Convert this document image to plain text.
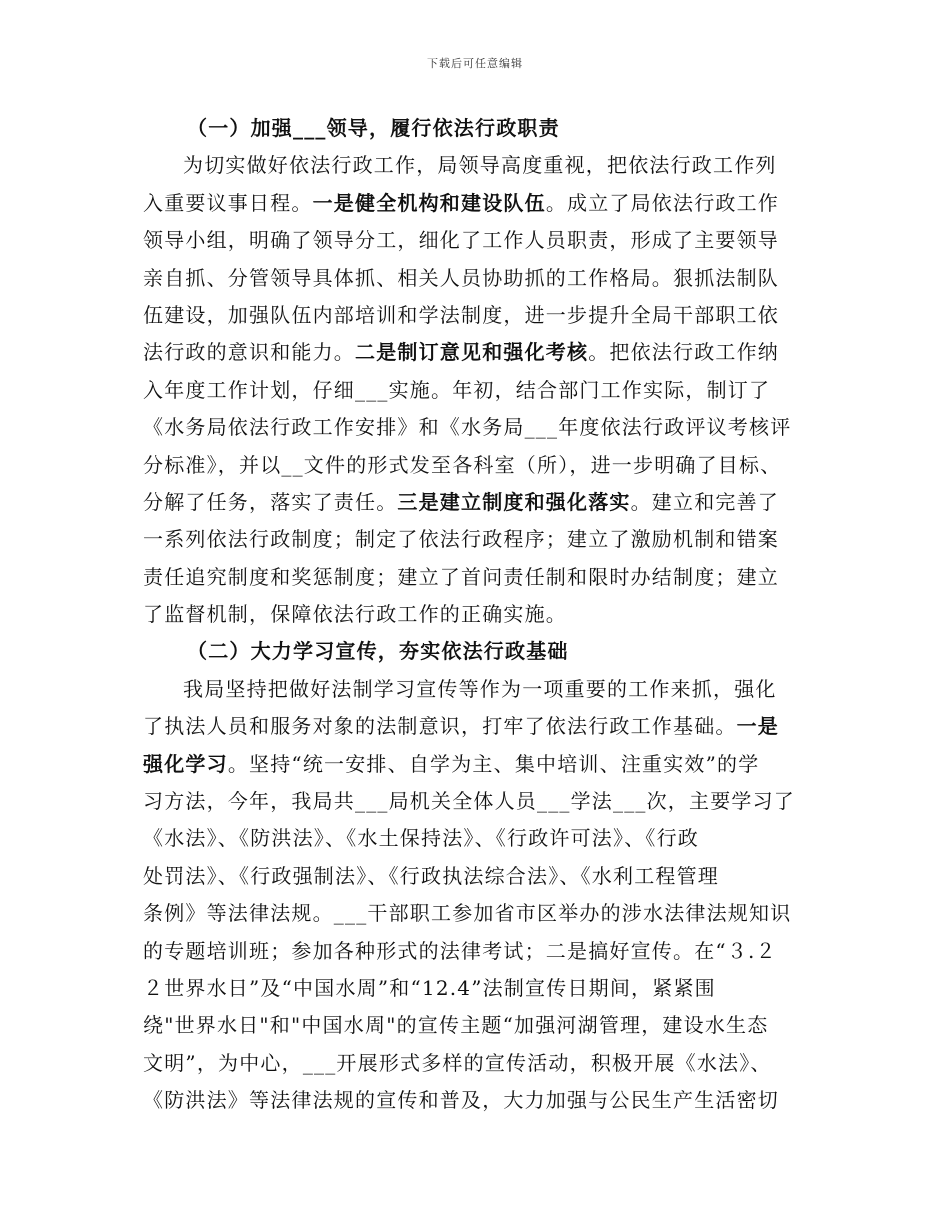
下载后可任意编辑
（一）加强___领导，履行依法行政职责
为切实做好依法行政工作，局领导高度重视，把依法行政工作列
入重要议事日程。一是健全机构和建设队伍。成立了局依法行政工作
领导小组，明确了领导分工，细化了工作人员职责，形成了主要领导
亲自抓、分管领导具体抓、相关人员协助抓的工作格局。狠抓法制队
伍建设，加强队伍内部培训和学法制度，进一步提升全局干部职工依
法行政的意识和能力。二是制订意见和强化考核。把依法行政工作纳
入年度工作计划，仔细___实施。年初，结合部门工作实际，制订了
《水务局依法行政工作安排》和《水务局___年度依法行政评议考核评
分标准》，并以__文件的形式发至各科室（所），进一步明确了目标、
分解了任务，落实了责任。三是建立制度和强化落实。建立和完善了
一系列依法行政制度；制定了依法行政程序；建立了激励机制和错案
责任追究制度和奖惩制度；建立了首问责任制和限时办结制度；建立
了监督机制，保障依法行政工作的正确实施。
（二）大力学习宣传，夯实依法行政基础
我局坚持把做好法制学习宣传等作为一项重要的工作来抓，强化
了执法人员和服务对象的法制意识，打牢了依法行政工作基础。一是
强化学习。坚持“统一安排、自学为主、集中培训、注重实效”的学
习方法，今年，我局共___局机关全体人员___学法___次，主要学习了
《水法》、《防洪法》、《水土保持法》、《行政许可法》、《行政
处罚法》、《行政强制法》、《行政执法综合法》、《水利工程管理
条例》等法律法规。___干部职工参加省市区举办的涉水法律法规知识
的专题培训班；参加各种形式的法律考试；二是搞好宣传。在“３.２
２世界水日”及“中国水周”和“12.4”法制宣传日期间，紧紧围
绕"世界水日"和"中国水周"的宣传主题“加强河湖管理，建设水生态
文明”，为中心，___开展形式多样的宣传活动，积极开展《水法》、
《防洪法》等法律法规的宣传和普及，大力加强与公民生产生活密切
